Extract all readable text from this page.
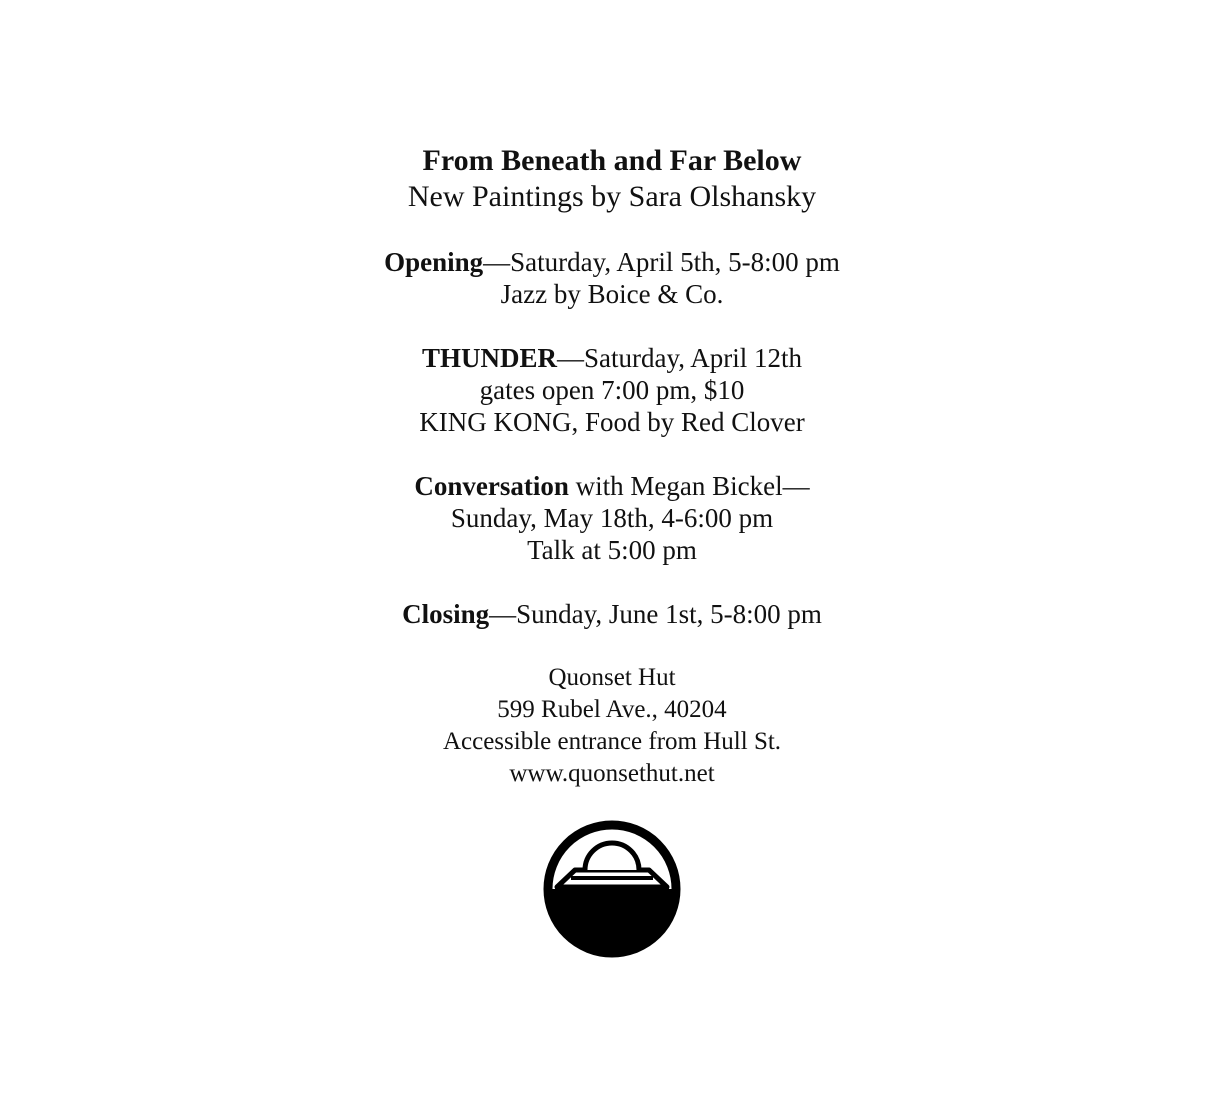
From Beneath and Far Below
New Paintings by Sara Olshansky
Opening—Saturday, April 5th, 5-8:00 pm
Jazz by Boice & Co.
THUNDER—Saturday, April 12th
gates open 7:00 pm, $10
KING KONG, Food by Red Clover
Conversation with Megan Bickel—
Sunday, May 18th, 4-6:00 pm
Talk at 5:00 pm
Closing—Sunday, June 1st, 5-8:00 pm
Quonset Hut
599 Rubel Ave., 40204
Accessible entrance from Hull St.
www.quonsethut.net
